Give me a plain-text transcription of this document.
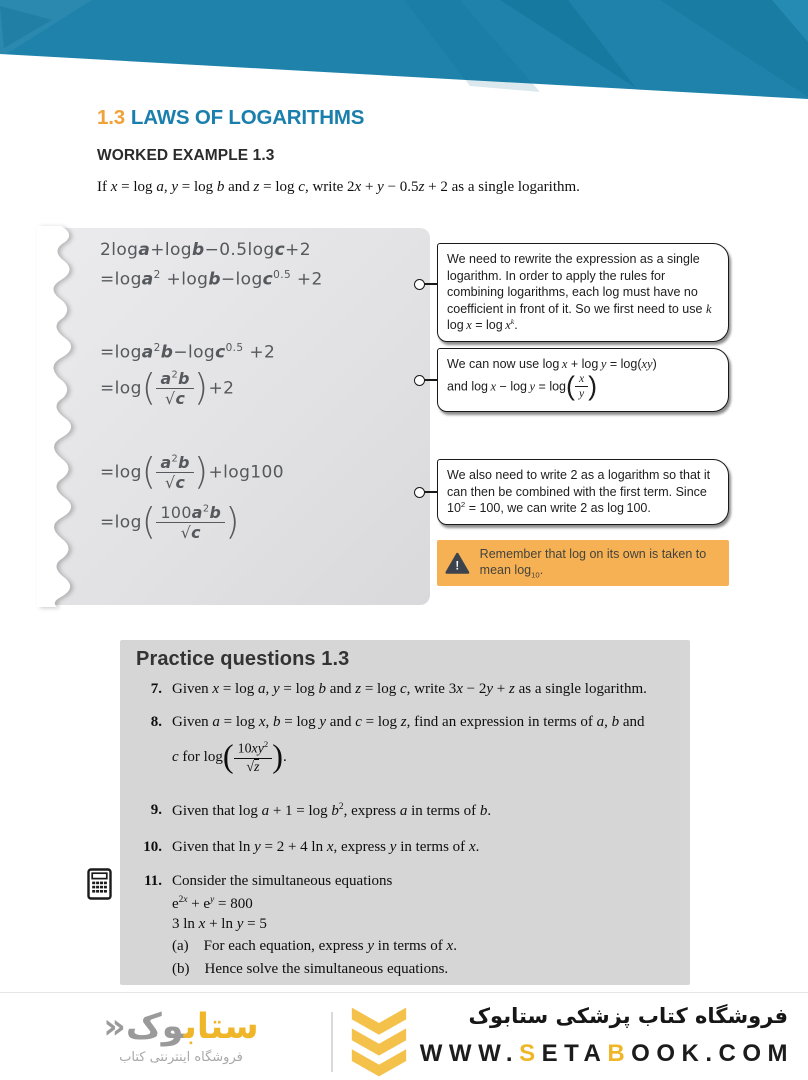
1.3 LAWS OF LOGARITHMS
WORKED EXAMPLE 1.3
If x = log a, y = log b and z = log c, write 2x + y − 0.5z + 2 as a single logarithm.
2loga+logb−0.5logc+2
=loga$^2$ +logb−logc$^{0.5}$ +2
=loga$^2$b−logc$^{0.5}$ +2
$=\log( \frac{a^2b}{√c} )+2$
$=\log( \frac{a^2b}{√c} )+\log 100$
$=\log( \frac{100a^2b}{√c}$ )
We need to rewrite the expression as a single logarithm. In order to apply the rules for combining logarithms, each log must have no coefficient in front of it. So we first need to use k $\log x = \log x^k$.
We can now use log x + log y = log(xy)
and $\log x - \log y = \log( \frac{x}{y}$ )
We also need to write 2 as a logarithm so that it can then be combined with the first term. Since $10^2 = 100$, we can write 2 as log 100.
!
Remember that log on its own is taken to mean $\log_{10}$.
Practice questions 1.3
7. Given x = log a, y = log b and z = log c, write 3x − 2y + z as a single logarithm.
8. Given a = log x, b = log y and c = log z, find an expression in terms of a, b and
c for $\log( \frac{10xy^2}{√z}$ ).
9. Given that $\log a + 1 = \log b^2$, express a in terms of b.
10. Given that ln y = 2 + 4 ln x, express y in terms of x.
11. Consider the simultaneous equations
$e^{2x} + e^y = 800$
3 ln x + ln y = 5
(a)  For each equation, express y in terms of x.
(b)  Hence solve the simultaneous equations.
ستابوک«
فروشگاه اینترنتی کتاب
فروشگاه کتاب پزشکی ستابوک
WWW.SETABOOK.COM
